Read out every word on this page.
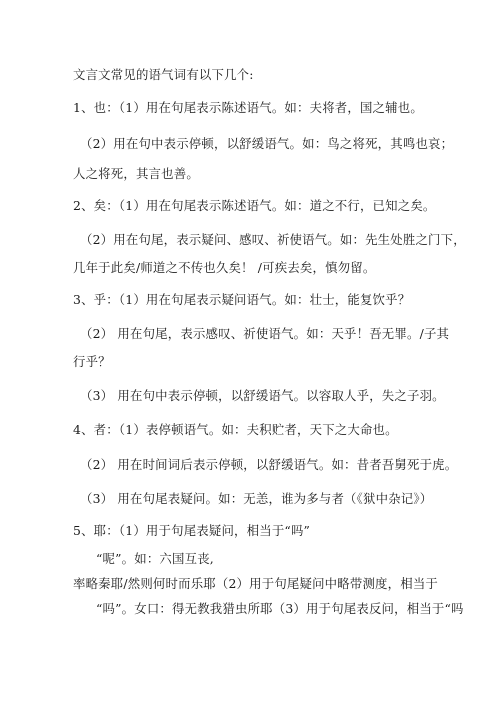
文言文常见的语气词有以下几个:
1、也：（1）用在句尾表示陈述语气。如：夫将者，国之辅也。
（2）用在句中表示停顿，以舒缓语气。如：鸟之将死，其鸣也哀；
人之将死，其言也善。
2、矣：（1）用在句尾表示陈述语气。如：道之不行，已知之矣。
（2）用在句尾，表示疑问、感叹、祈使语气。如：先生处胜之门下，
几年于此矣/师道之不传也久矣！ /可疾去矣，慎勿留。
3、乎：（1）用在句尾表示疑问语气。如：壮士，能复饮乎？
（2） 用在句尾，表示感叹、祈使语气。如：天乎！吾无罪。/子其
行乎？
（3） 用在句中表示停顿，以舒缓语气。以容取人乎，失之子羽。
4、者：（1）表停顿语气。如：夫积贮者，天下之大命也。
（2） 用在时间词后表示停顿，以舒缓语气。如：昔者吾舅死于虎。
（3） 用在句尾表疑问。如：无恙，谁为多与者（《狱中杂记》）
5、耶：（1）用于句尾表疑问，相当于“吗”
“呢”。如：六国互丧,
率略秦耶/然则何时而乐耶（2）用于句尾疑问中略带测度，相当于
“吗”。女口：得无教我猎虫所耶（3）用于句尾表反问，相当于“吗
